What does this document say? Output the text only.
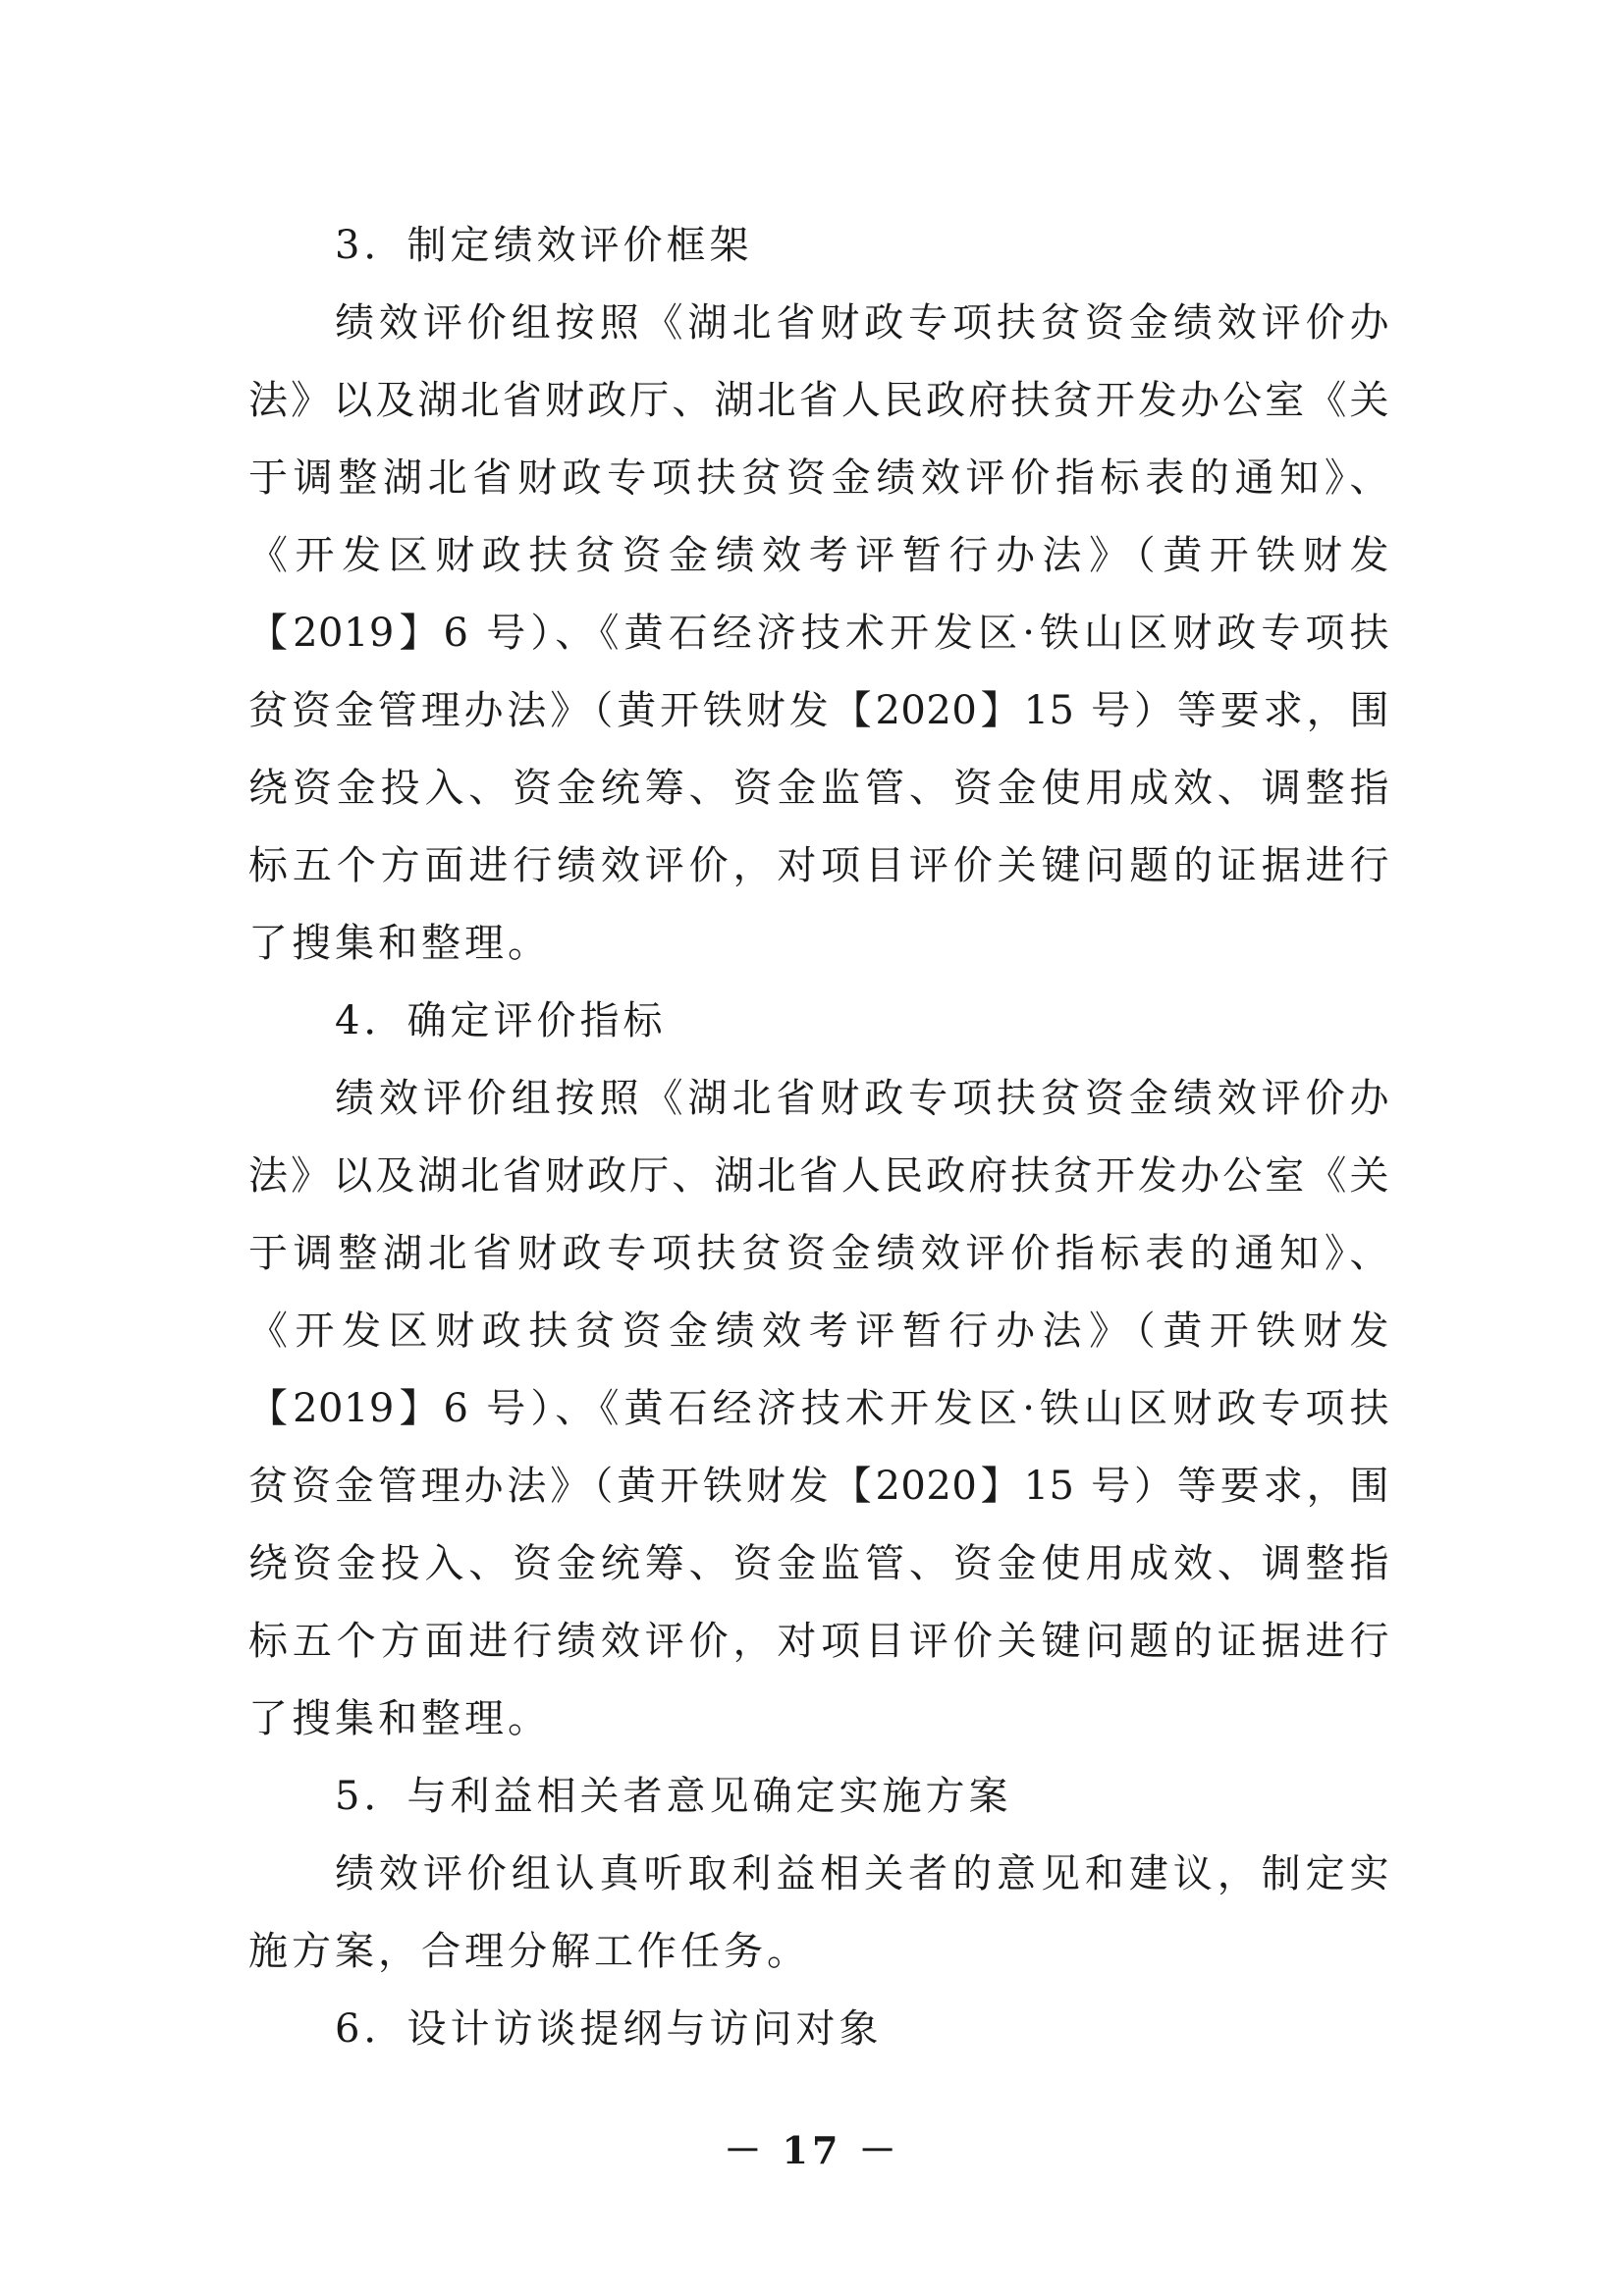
3．制定绩效评价框架
绩效评价组按照《湖北省财政专项扶贫资金绩效评价办
法》以及湖北省财政厅、湖北省人民政府扶贫开发办公室《关
于调整湖北省财政专项扶贫资金绩效评价指标表的通知》、
《开发区财政扶贫资金绩效考评暂行办法》（黄开铁财发
【2019】6 号）、《黄石经济技术开发区·铁山区财政专项扶
贫资金管理办法》（黄开铁财发【2020】15 号）等要求，围
绕资金投入、资金统筹、资金监管、资金使用成效、调整指
标五个方面进行绩效评价，对项目评价关键问题的证据进行
了搜集和整理。
4．确定评价指标
绩效评价组按照《湖北省财政专项扶贫资金绩效评价办
法》以及湖北省财政厅、湖北省人民政府扶贫开发办公室《关
于调整湖北省财政专项扶贫资金绩效评价指标表的通知》、
《开发区财政扶贫资金绩效考评暂行办法》（黄开铁财发
【2019】6 号）、《黄石经济技术开发区·铁山区财政专项扶
贫资金管理办法》（黄开铁财发【2020】15 号）等要求，围
绕资金投入、资金统筹、资金监管、资金使用成效、调整指
标五个方面进行绩效评价，对项目评价关键问题的证据进行
了搜集和整理。
5．与利益相关者意见确定实施方案
绩效评价组认真听取利益相关者的意见和建议，制定实
施方案，合理分解工作任务。
6．设计访谈提纲与访问对象
－ 17 －
